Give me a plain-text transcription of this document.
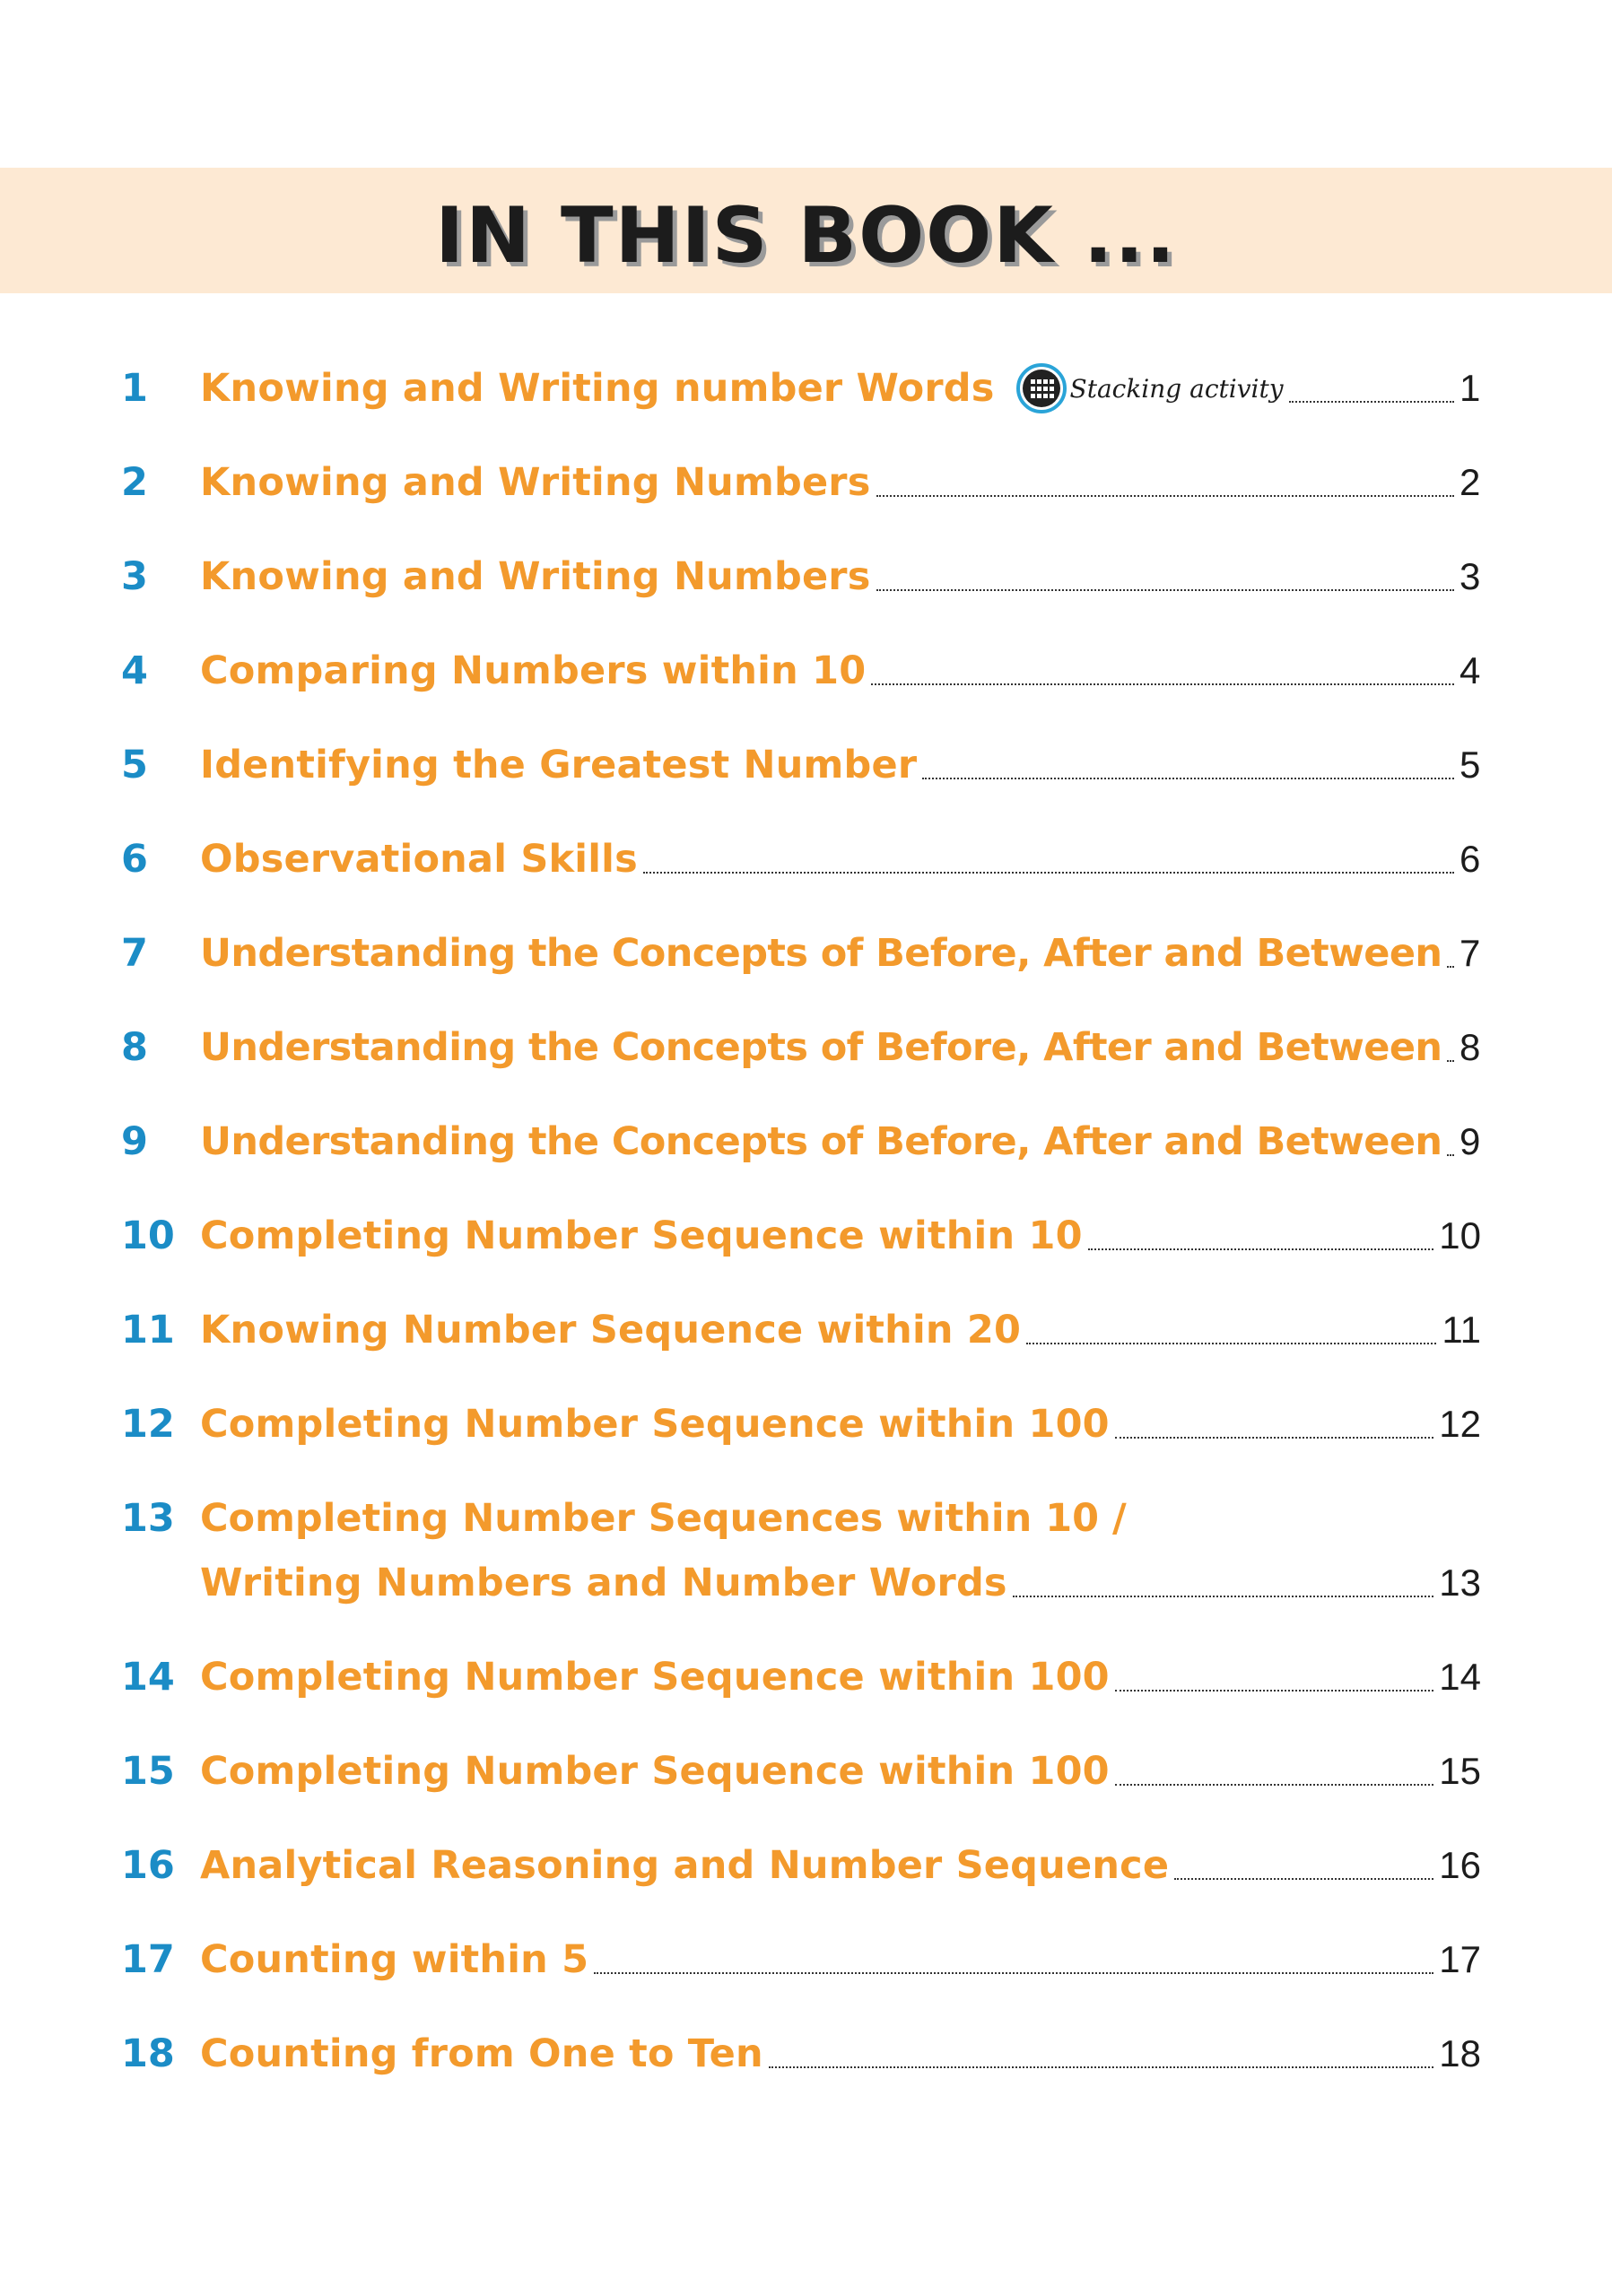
IN THIS BOOK ...
1 Knowing and Writing number Words	Stacking activity	1
2 Knowing and Writing Numbers	2
3 Knowing and Writing Numbers	3
4 Comparing Numbers within 10	4
5 Identifying the Greatest Number	5
6 Observational Skills	6
7 Understanding the Concepts of Before, After and Between 7
8 Understanding the Concepts of Before, After and Between 8
9 Understanding the Concepts of Before, After and Between 9
10 Completing Number Sequence within 10	10
11 Knowing Number Sequence within 20	11
12 Completing Number Sequence within 100	12
13 Completing Number Sequences within 10 /
Writing Numbers and Number Words	13
14 Completing Number Sequence within 100	14
15 Completing Number Sequence within 100	15
16 Analytical Reasoning and Number Sequence	16
17 Counting within 5	17
18 Counting from One to Ten	18
